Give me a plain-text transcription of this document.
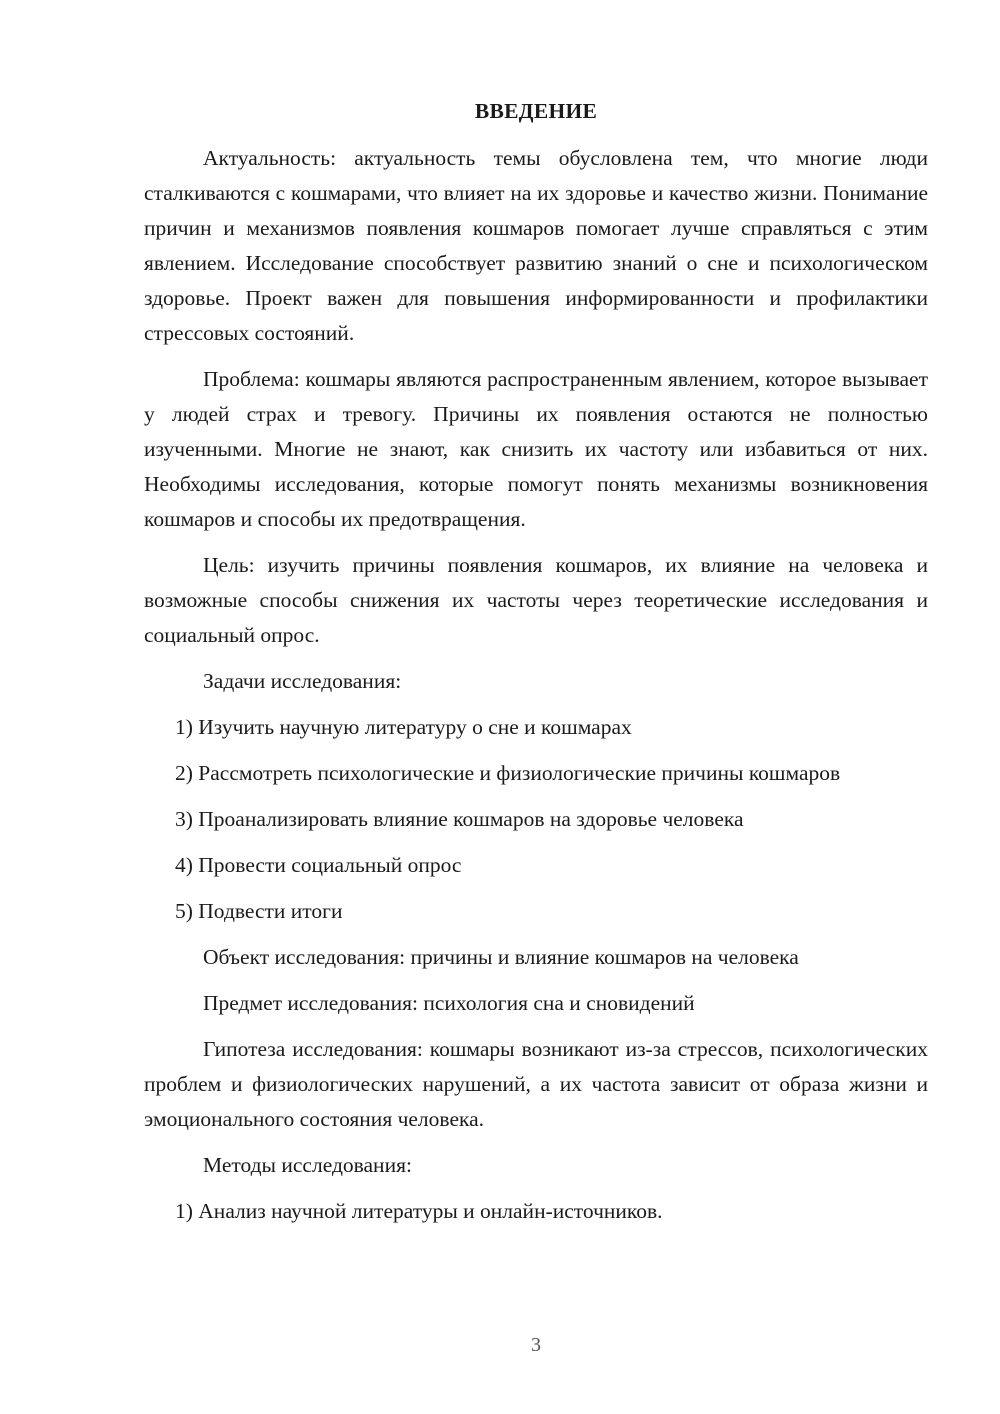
ВВЕДЕНИЕ

Актуальность: актуальность темы обусловлена тем, что многие люди сталкиваются с кошмарами, что влияет на их здоровье и качество жизни. Понимание причин и механизмов появления кошмаров помогает лучше справляться с этим явлением. Исследование способствует развитию знаний о сне и психологическом здоровье. Проект важен для повышения информированности и профилактики стрессовых состояний.

Проблема: кошмары являются распространенным явлением, которое вызывает у людей страх и тревогу. Причины их появления остаются не полностью изученными. Многие не знают, как снизить их частоту или избавиться от них. Необходимы исследования, которые помогут понять механизмы возникновения кошмаров и способы их предотвращения.

Цель: изучить причины появления кошмаров, их влияние на человека и возможные способы снижения их частоты через теоретические исследования и социальный опрос.

Задачи исследования:

1) Изучить научную литературу о сне и кошмарах

2) Рассмотреть психологические и физиологические причины кошмаров

3) Проанализировать влияние кошмаров на здоровье человека

4) Провести социальный опрос

5) Подвести итоги

Объект исследования: причины и влияние кошмаров на человека

Предмет исследования: психология сна и сновидений

Гипотеза исследования: кошмары возникают из-за стрессов, психологических проблем и физиологических нарушений, а их частота зависит от образа жизни и эмоционального состояния человека.

Методы исследования:

1) Анализ научной литературы и онлайн-источников.

3
